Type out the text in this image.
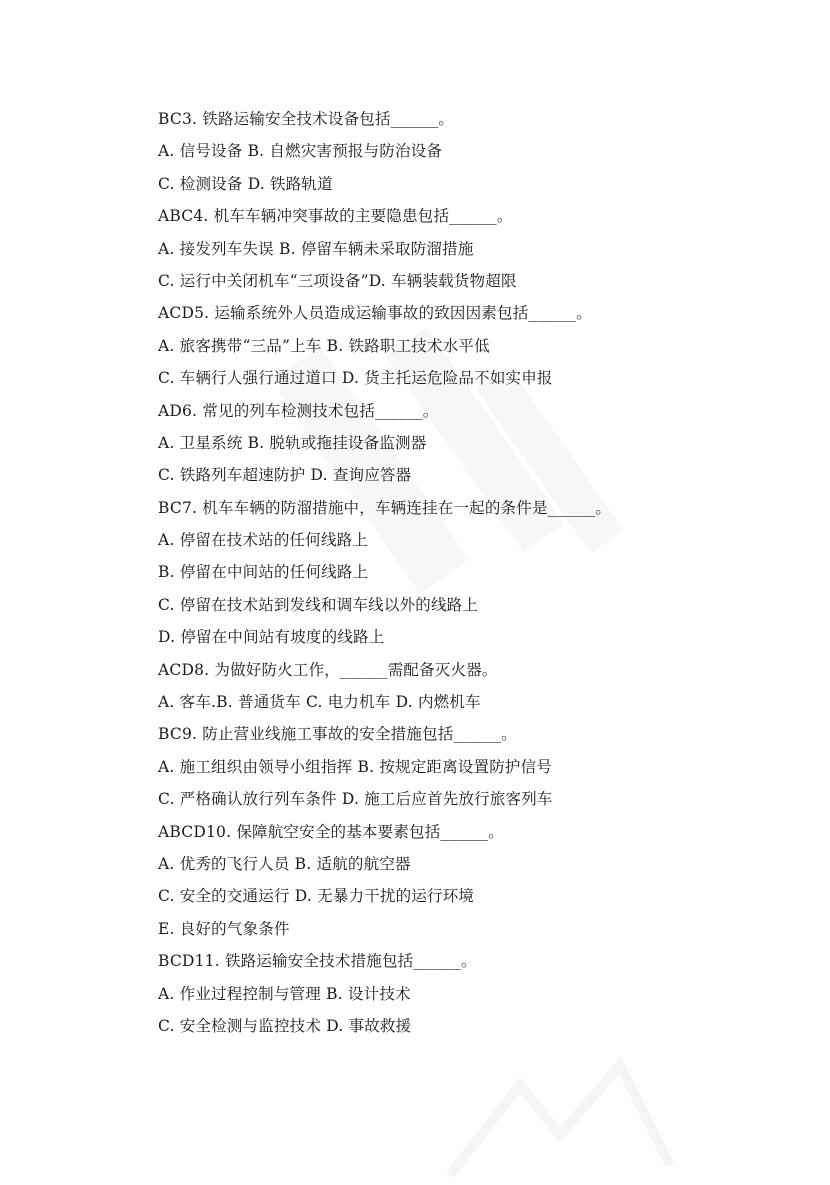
BC3. 铁路运输安全技术设备包括______。
A. 信号设备 B. 自燃灾害预报与防治设备
C. 检测设备 D. 铁路轨道
ABC4. 机车车辆冲突事故的主要隐患包括______。
A. 接发列车失误 B. 停留车辆未采取防溜措施
C. 运行中关闭机车“三项设备”D. 车辆装载货物超限
ACD5. 运输系统外人员造成运输事故的致因因素包括______。
A. 旅客携带“三品”上车 B. 铁路职工技术水平低
C. 车辆行人强行通过道口 D. 货主托运危险品不如实申报
AD6. 常见的列车检测技术包括______。
A. 卫星系统 B. 脱轨或拖挂设备监测器
C. 铁路列车超速防护 D. 查询应答器
BC7. 机车车辆的防溜措施中，车辆连挂在一起的条件是______。
A. 停留在技术站的任何线路上
B. 停留在中间站的任何线路上
C. 停留在技术站到发线和调车线以外的线路上
D. 停留在中间站有坡度的线路上
ACD8. 为做好防火工作，______需配备灭火器。
A. 客车.B. 普通货车 C. 电力机车 D. 内燃机车
BC9. 防止营业线施工事故的安全措施包括______。
A. 施工组织由领导小组指挥 B. 按规定距离设置防护信号
C. 严格确认放行列车条件 D. 施工后应首先放行旅客列车
ABCD10. 保障航空安全的基本要素包括______。
A. 优秀的飞行人员 B. 适航的航空器
C. 安全的交通运行 D. 无暴力干扰的运行环境
E. 良好的气象条件
BCD11. 铁路运输安全技术措施包括______。
A. 作业过程控制与管理 B. 设计技术
C. 安全检测与监控技术 D. 事故救援
